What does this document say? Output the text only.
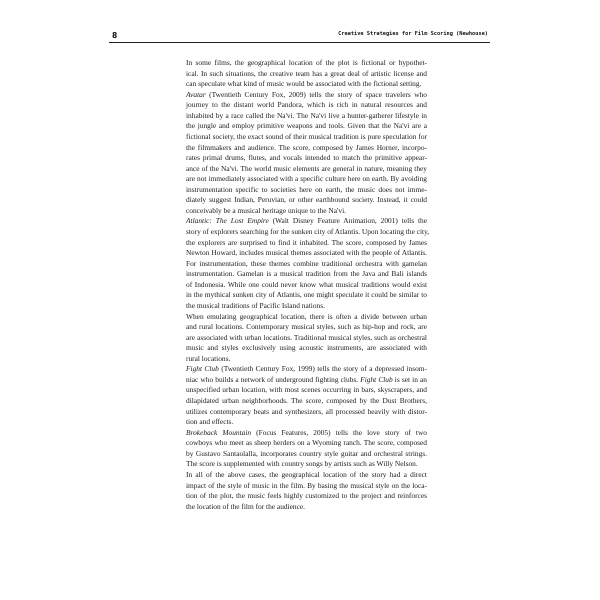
8	Creative Strategies for Film Scoring (Newhouse)

In some films, the geographical location of the plot is fictional or hypothet-
ical. In such situations, the creative team has a great deal of artistic license and
can speculate what kind of music would be associated with the fictional setting.

Avatar (Twentieth Century Fox, 2009) tells the story of space travelers who
journey to the distant world Pandora, which is rich in natural resources and
inhabited by a race called the Na'vi. The Na'vi live a hunter-gatherer lifestyle in
the jungle and employ primitive weapons and tools. Given that the Na'vi are a
fictional society, the exact sound of their musical tradition is pure speculation for
the filmmakers and audience. The score, composed by James Horner, incorpo-
rates primal drums, flutes, and vocals intended to match the primitive appear-
ance of the Na'vi. The world music elements are general in nature, meaning they
are not immediately associated with a specific culture here on earth. By avoiding
instrumentation specific to societies here on earth, the music does not imme-
diately suggest Indian, Peruvian, or other earthbound society. Instead, it could
conceivably be a musical heritage unique to the Na'vi.

Atlantic: The Lost Empire (Walt Disney Feature Animation, 2001) tells the
story of explorers searching for the sunken city of Atlantis. Upon locating the city,
the explorers are surprised to find it inhabited. The score, composed by James
Newton Howard, includes musical themes associated with the people of Atlantis.
For instrumentation, these themes combine traditional orchestra with gamelan
instrumentation. Gamelan is a musical tradition from the Java and Bali islands
of Indonesia. While one could never know what musical traditions would exist
in the mythical sunken city of Atlantis, one might speculate it could be similar to
the musical traditions of Pacific Island nations.

When emulating geographical location, there is often a divide between urban
and rural locations. Contemporary musical styles, such as hip-hop and rock, are
are associated with urban locations. Traditional musical styles, such as orchestral
music and styles exclusively using acoustic instruments, are associated with
rural locations.

Fight Club (Twentieth Century Fox, 1999) tells the story of a depressed insom-
niac who builds a network of underground fighting clubs. Fight Club is set in an
unspecified urban location, with most scenes occurring in bars, skyscrapers, and
dilapidated urban neighborhoods. The score, composed by the Dust Brothers,
utilizes contemporary beats and synthesizers, all processed heavily with distor-
tion and effects.

Brokeback Mountain (Focus Features, 2005) tells the love story of two
cowboys who meet as sheep herders on a Wyoming ranch. The score, composed
by Gustavo Santaolalla, incorporates country style guitar and orchestral strings.
The score is supplemented with country songs by artists such as Willy Nelson.

In all of the above cases, the geographical location of the story had a direct
impact of the style of music in the film. By basing the musical style on the loca-
tion of the plot, the music feels highly customized to the project and reinforces
the location of the film for the audience.
